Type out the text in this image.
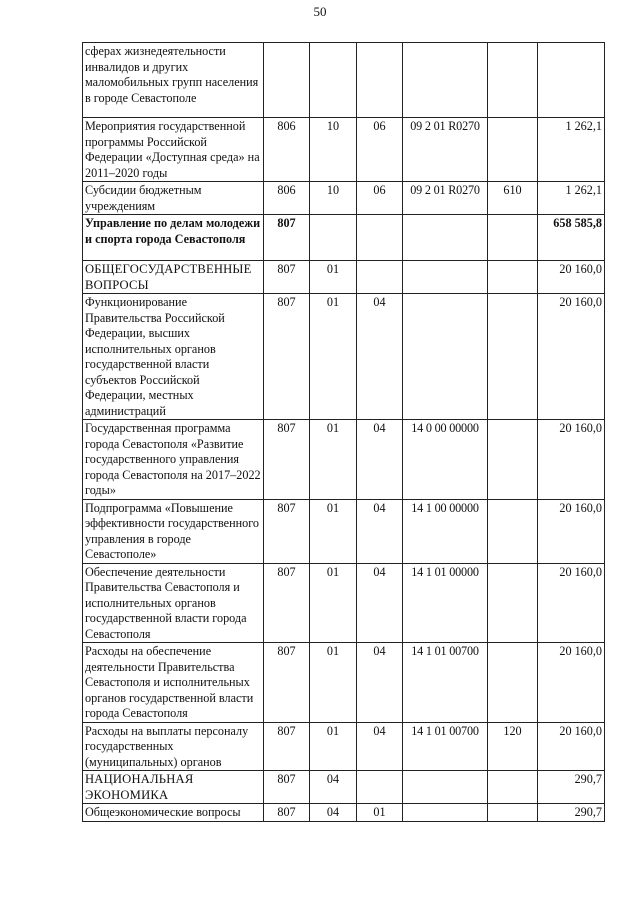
50
сферах жизнедеятельности инвалидов и других маломобильных групп населения в городе Севастополе						
Мероприятия государственной программы Российской Федерации «Доступная среда» на 2011–2020 годы	806	10	06	09 2 01 R0270		1 262,1
Субсидии бюджетным учреждениям	806	10	06	09 2 01 R0270	610	1 262,1
Управление по делам молодежи и спорта города Севастополя	807					658 585,8
ОБЩЕГОСУДАРСТВЕННЫЕ ВОПРОСЫ	807	01				20 160,0
Функционирование Правительства Российской Федерации, высших исполнительных органов государственной власти субъектов Российской Федерации, местных администраций	807	01	04			20 160,0
Государственная программа города Севастополя «Развитие государственного управления города Севастополя на 2017–2022 годы»	807	01	04	14 0 00 00000		20 160,0
Подпрограмма «Повышение эффективности государственного управления в городе Севастополе»	807	01	04	14 1 00 00000		20 160,0
Обеспечение деятельности Правительства Севастополя и исполнительных органов государственной власти города Севастополя	807	01	04	14 1 01 00000		20 160,0
Расходы на обеспечение деятельности Правительства Севастополя и исполнительных органов государственной власти города Севастополя	807	01	04	14 1 01 00700		20 160,0
Расходы на выплаты персоналу государственных (муниципальных) органов	807	01	04	14 1 01 00700	120	20 160,0
НАЦИОНАЛЬНАЯ ЭКОНОМИКА	807	04				290,7
Общеэкономические вопросы	807	04	01			290,7
